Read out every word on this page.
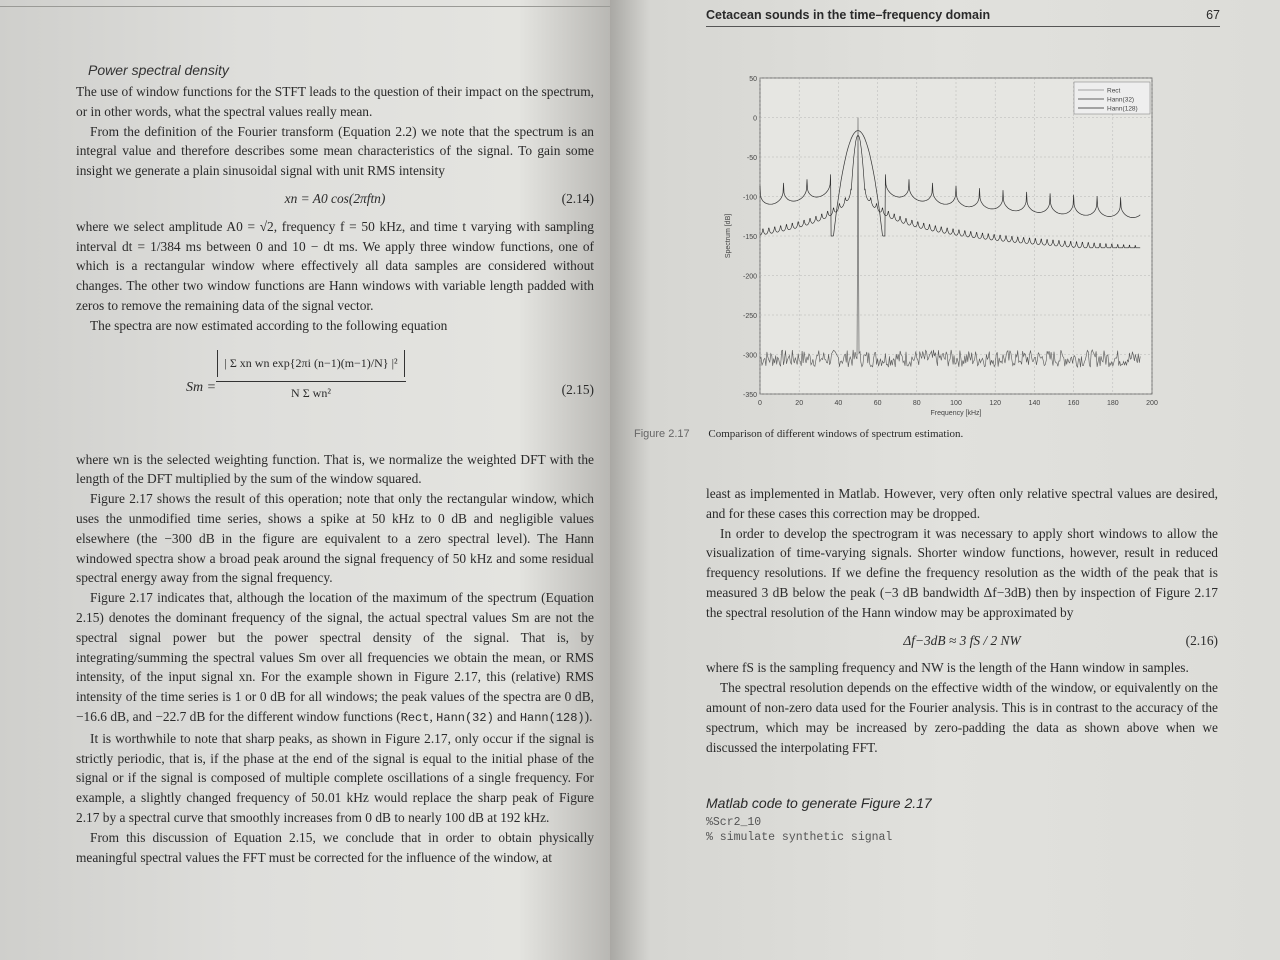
Power spectral density

The use of window functions for the STFT leads to the question of their impact on the spectrum, or in other words, what the spectral values really mean.

From the definition of the Fourier transform (Equation 2.2) we note that the spectrum is an integral value and therefore describes some mean characteristics of the signal. To gain some insight we generate a plain sinusoidal signal with unit RMS intensity

xn = A0 cos(2πftn)	(2.14)

where we select amplitude A0 = √2, frequency f = 50 kHz, and time t varying with sampling interval dt = 1/384 ms between 0 and 10 − dt ms. We apply three window functions, one of which is a rectangular window where effectively all data samples are considered without changes. The other two window functions are Hann windows with variable length padded with zeros to remove the remaining data of the signal vector.

The spectra are now estimated according to the following equation

Sm =
| Σ xn wn exp{2πi (n−1)(m−1)/N} |²
N Σ wn²	(2.15)

where wn is the selected weighting function. That is, we normalize the weighted DFT with the length of the DFT multiplied by the sum of the window squared.

Figure 2.17 shows the result of this operation; note that only the rectangular window, which uses the unmodified time series, shows a spike at 50 kHz to 0 dB and negligible values elsewhere (the −300 dB in the figure are equivalent to a zero spectral level). The Hann windowed spectra show a broad peak around the signal frequency of 50 kHz and some residual spectral energy away from the signal frequency.

Figure 2.17 indicates that, although the location of the maximum of the spectrum (Equation 2.15) denotes the dominant frequency of the signal, the actual spectral values Sm are not the spectral signal power but the power spectral density of the signal. That is, by integrating/summing the spectral values Sm over all frequencies we obtain the mean, or RMS intensity, of the input signal xn. For the example shown in Figure 2.17, this (relative) RMS intensity of the time series is 1 or 0 dB for all windows; the peak values of the spectra are 0 dB, −16.6 dB, and −22.7 dB for the different window functions (Rect, Hann(32) and Hann(128)).

It is worthwhile to note that sharp peaks, as shown in Figure 2.17, only occur if the signal is strictly periodic, that is, if the phase at the end of the signal is equal to the initial phase of the signal or if the signal is composed of multiple complete oscillations of a single frequency. For example, a slightly changed frequency of 50.01 kHz would replace the sharp peak of Figure 2.17 by a spectral curve that smoothly increases from 0 dB to nearly 100 dB at 192 kHz.

From this discussion of Equation 2.15, we conclude that in order to obtain physically meaningful spectral values the FFT must be corrected for the influence of the window, at

Cetacean sounds in the time–frequency domain	67
0	20	40	60	80	100	120	140	160	180	200
50
0
-50
-100
-150
-200
-250
-300
-350
Frequency [kHz]
Spectrum [dB]
Rect
Hann(32)
Hann(128)
Figure 2.17 Comparison of different windows of spectrum estimation.

least as implemented in Matlab. However, very often only relative spectral values are desired, and for these cases this correction may be dropped.

In order to develop the spectrogram it was necessary to apply short windows to allow the visualization of time-varying signals. Shorter window functions, however, result in reduced frequency resolutions. If we define the frequency resolution as the width of the peak that is measured 3 dB below the peak (−3 dB bandwidth Δf−3dB) then by inspection of Figure 2.17 the spectral resolution of the Hann window may be approximated by

Δf−3dB ≈ 3 fS / 2 NW	(2.16)

where fS is the sampling frequency and NW is the length of the Hann window in samples.

The spectral resolution depends on the effective width of the window, or equivalently on the amount of non-zero data used for the Fourier analysis. This is in contrast to the accuracy of the spectrum, which may be increased by zero-padding the data as shown above when we discussed the interpolating FFT.

Matlab code to generate Figure 2.17
%Scr2_10
% simulate synthetic signal
